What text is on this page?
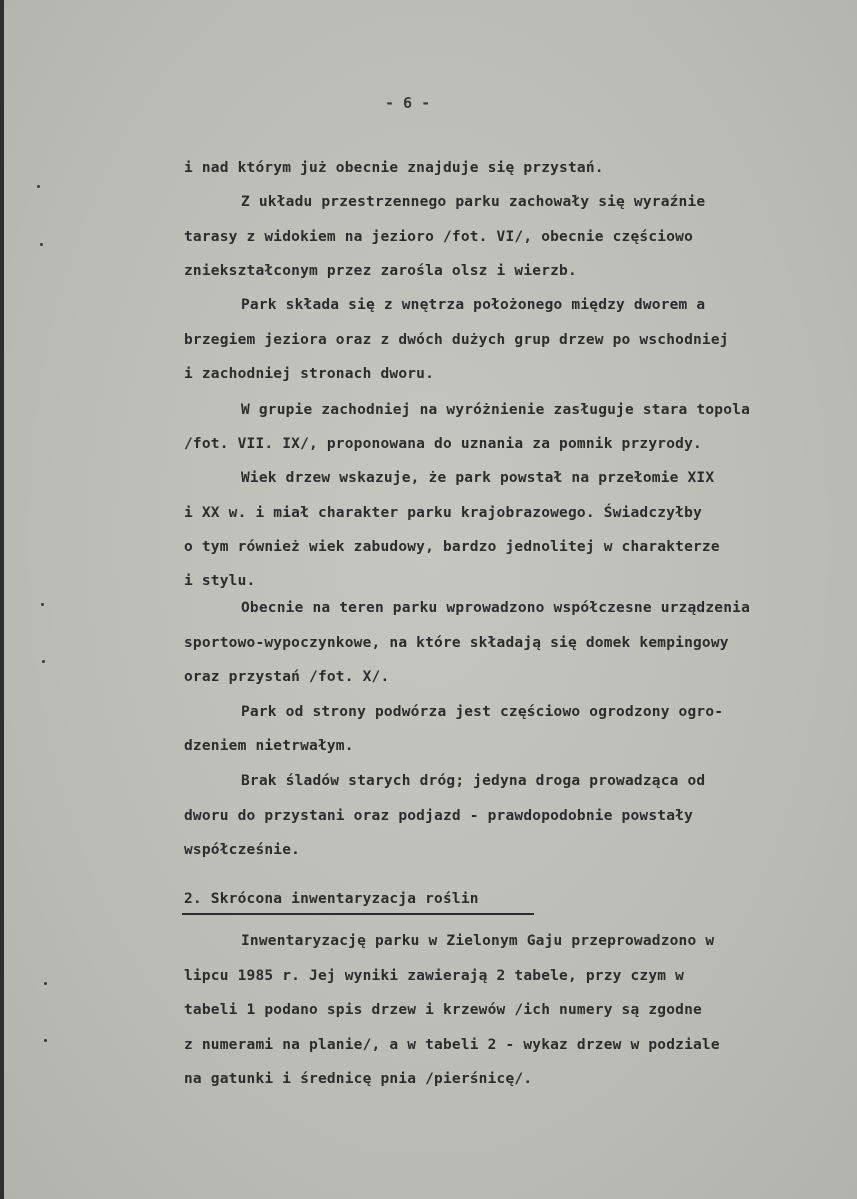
- 6 -
i nad którym już obecnie znajduje się przystań.
Z układu przestrzennego parku zachowały się wyraźnie
tarasy z widokiem na jezioro /fot. VI/, obecnie częściowo
zniekształconym przez zarośla olsz i wierzb.
Park składa się z wnętrza położonego między dworem a
brzegiem jeziora oraz z dwóch dużych grup drzew po wschodniej
i zachodniej stronach dworu.
W grupie zachodniej na wyróżnienie zasługuje stara topola
/fot. VII. IX/, proponowana do uznania za pomnik przyrody.
Wiek drzew wskazuje, że park powstał na przełomie XIX
i XX w. i miał charakter parku krajobrazowego. Świadczyłby
o tym również wiek zabudowy, bardzo jednolitej w charakterze
i stylu.
Obecnie na teren parku wprowadzono współczesne urządzenia
sportowo-wypoczynkowe, na które składają się domek kempingowy
oraz przystań /fot. X/.
Park od strony podwórza jest częściowo ogrodzony ogro-
dzeniem nietrwałym.
Brak śladów starych dróg; jedyna droga prowadząca od
dworu do przystani oraz podjazd - prawdopodobnie powstały
współcześnie.
2. Skrócona inwentaryzacja roślin
Inwentaryzację parku w Zielonym Gaju przeprowadzono w
lipcu 1985 r. Jej wyniki zawierają 2 tabele, przy czym w
tabeli 1 podano spis drzew i krzewów /ich numery są zgodne
z numerami na planie/, a w tabeli 2 - wykaz drzew w podziale
na gatunki i średnicę pnia /pierśnicę/.
